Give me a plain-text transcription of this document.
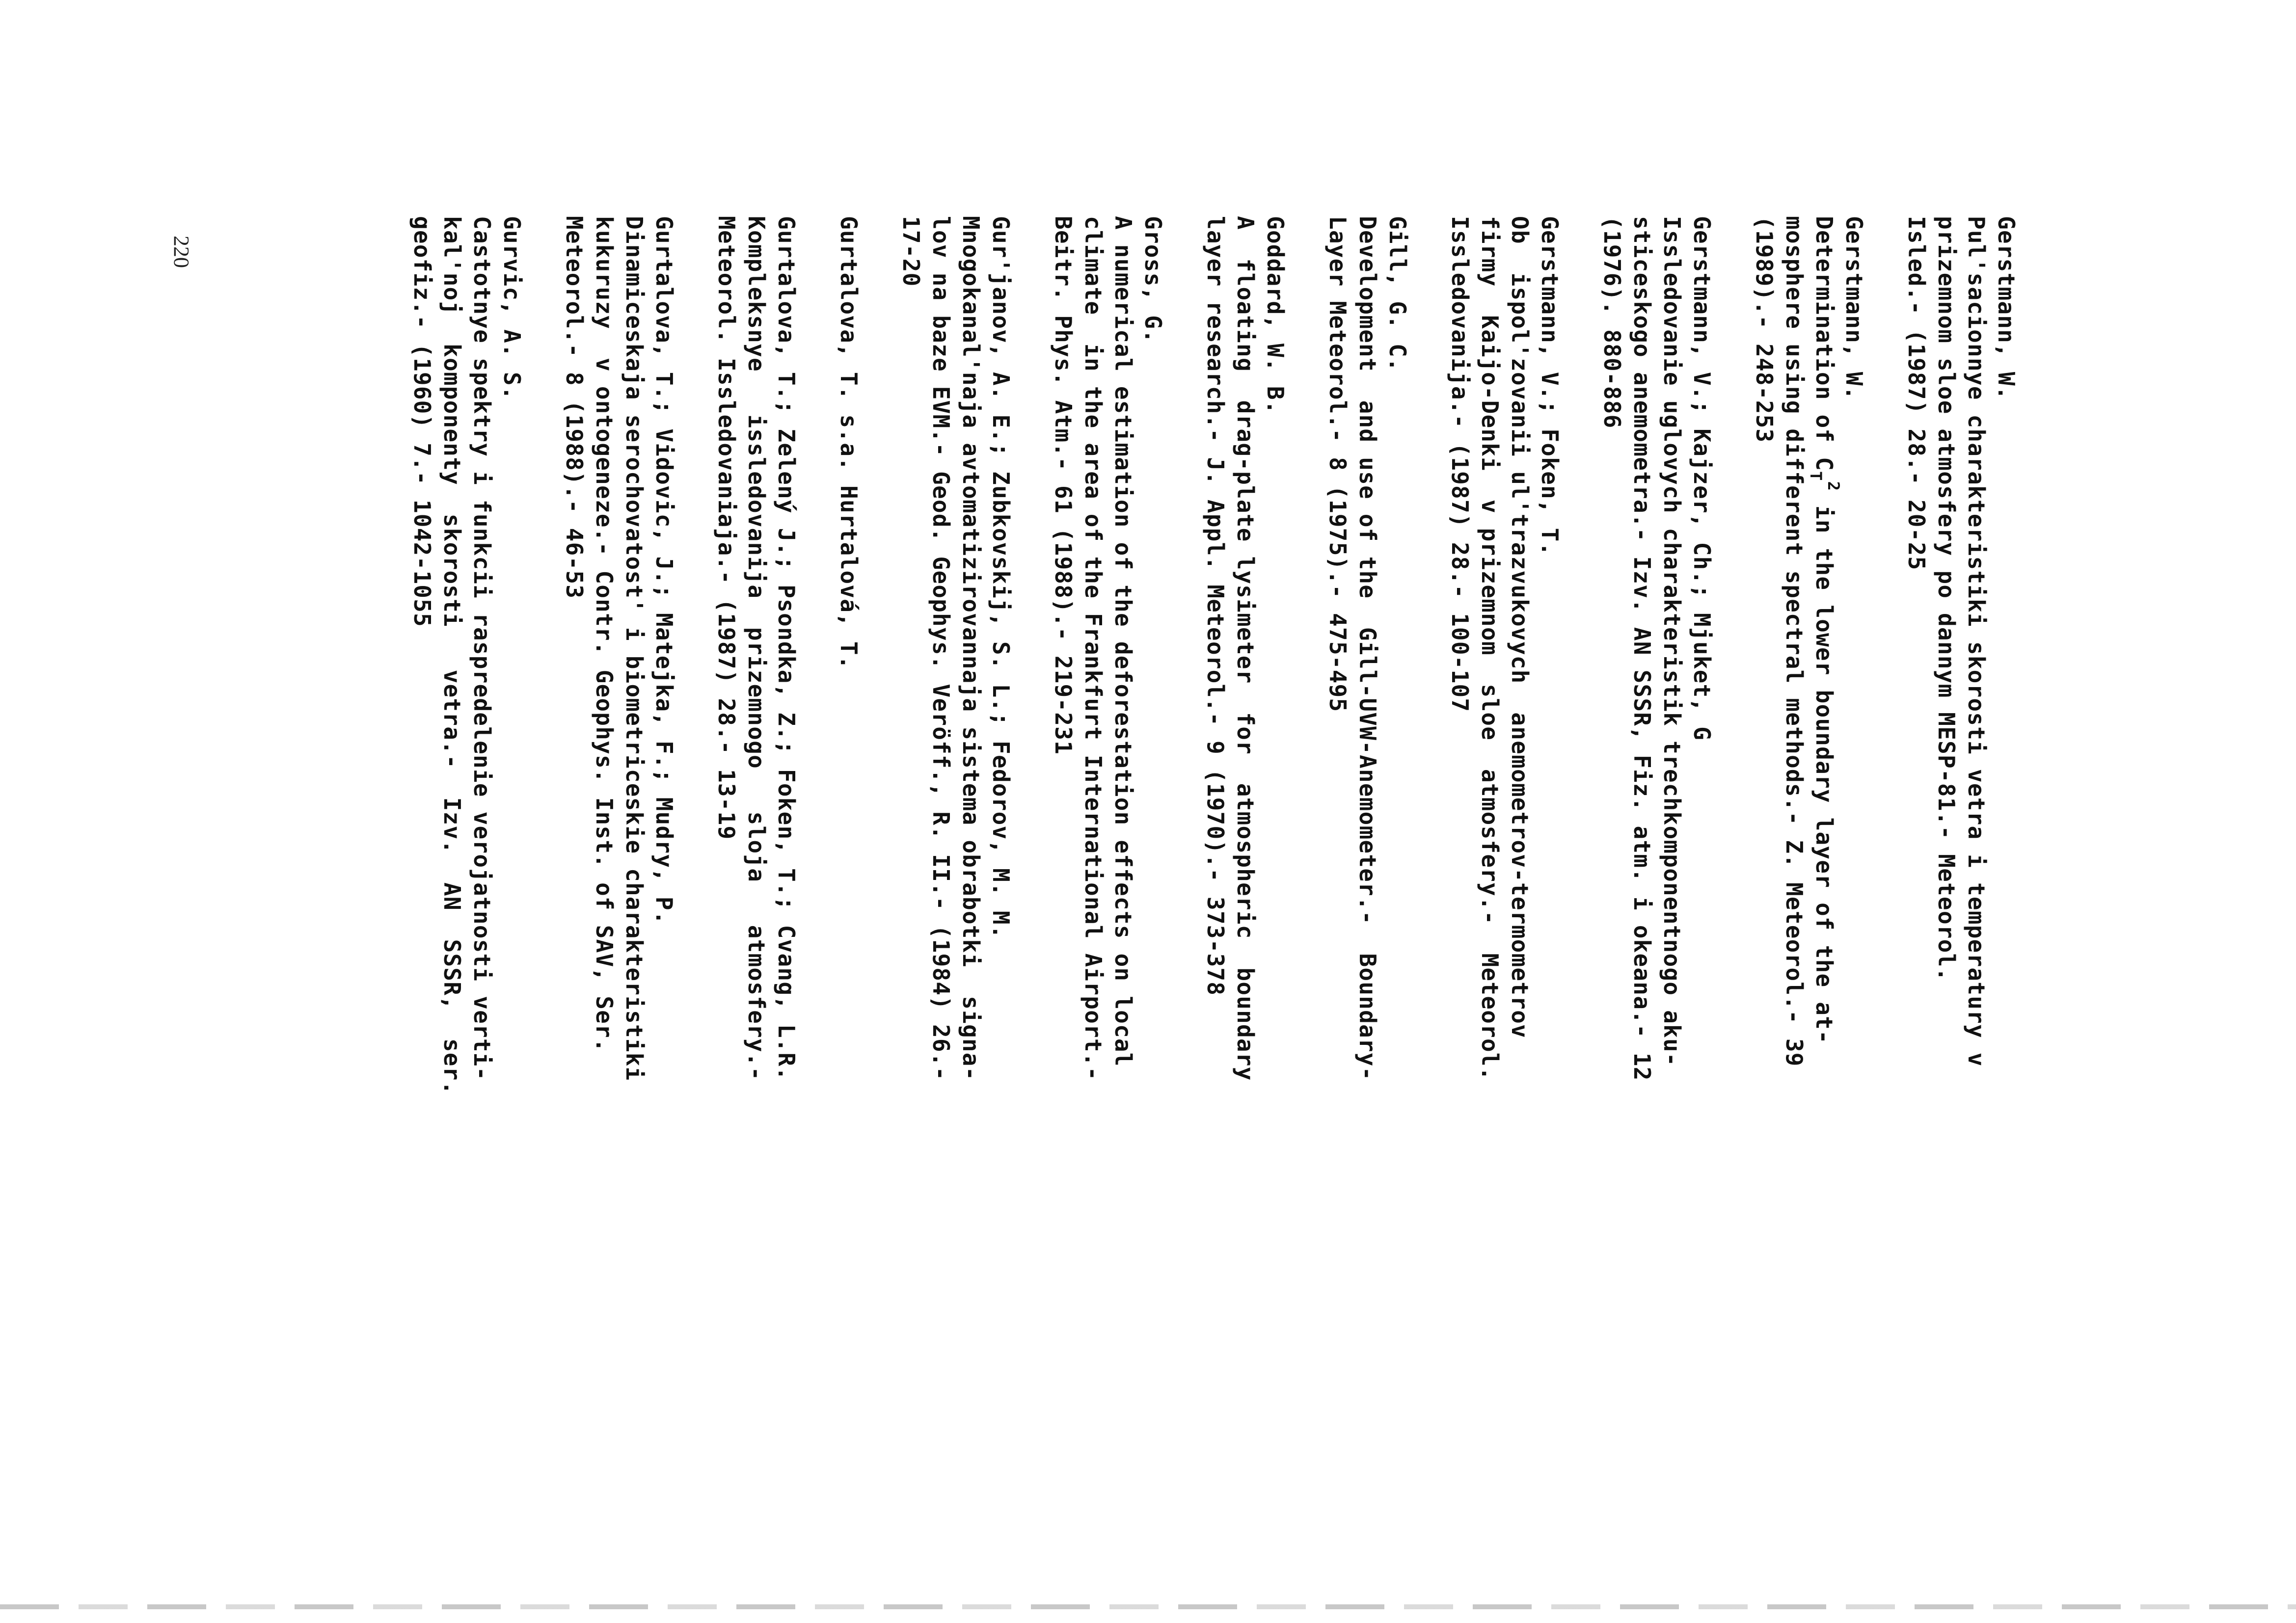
220

	Gerstmann, W.
Pul'sacionnye charakteristiki skorosti vetra i temperatury v
prizemnom sloe atmosfery po dannym MESP-81.- Meteorol.
Isled.- (1987) 28.- 20-25
Gerstmann, W.
Determination of $C_T^2$ in the lower boundary layer of the at-
mosphere using different spectral methods.- Z. Meteorol.- 39
(1989).- 248-253
Gerstmann, V.; Kajzer, Ch.; Mjuket, G
Issledovanie uglovych charakteristik trechkomponentnogo aku-
sticeskogo anemometra.- Izv. AN SSSR, Fiz. atm. i okeana.- 12
(1976). 880-886
Gerstmann, V.; Foken, T.
Ob  ispol'zovanii ul'trazvukovych  anemometrov-termometrov
firmy  Kaijo-Denki  v prizemnom  sloe  atmosfery.-  Meteorol.
Issledovanija.- (1987) 28.- 100-107
Gill, G. C.
Development  and use of the  Gill-UVW-Anemometer.-  Boundary-
Layer Meteorol.- 8 (1975).- 475-495
Goddard, W. B.
A  floating  drag-plate lysimeter  for  atmospheric  boundary
layer research.- J. Appl. Meteorol.- 9 (1970).- 373-378
Gross, G.
A numerical estimation of the deforestation effects on local
climate  in the area of the Frankfurt International Airport.-
Beitr. Phys. Atm.- 61 (1988).- 219-231
Gur'janov, A. E.; Zubkovskij, S. L.; Fedorov, M. M.
Mnogokanal'naja avtomatizirovannaja sistema obrabotki  signa-
lov na baze EVM.- Geod. Geophys. Veröff., R. II.- (1984) 26.-
17-20
Gurtalova, T. s.a. Hurtalová, T.
Gurtalova, T.; Zelený J.; Psondka, Z.; Foken, T.; Cvang, L.R.
Kompleksnye   issledovanija  prizemnogo   sloja   atmosfery.-
Meteorol. Issledovaniaja.- (1987) 28.- 13-19
Gurtalova, T.; Vidovic, J.; Matejka, F.; Mudry, P.
Dinamiceskaja serochovatost' i biometriceskie charakteristiki
kukuruzy  v ontogeneze.- Contr. Geophys. Inst. of SAV, Ser.
Meteorol.- 8 (1988).- 46-53
Gurvic, A. S.
Castotnye spektry i funkcii raspredelenie verojatnosti verti-
kal'noj  komponenty  skorosti   vetra.-  Izv.  AN  SSSR,  ser.
geofiz.- (1960) 7.- 1042-1055
